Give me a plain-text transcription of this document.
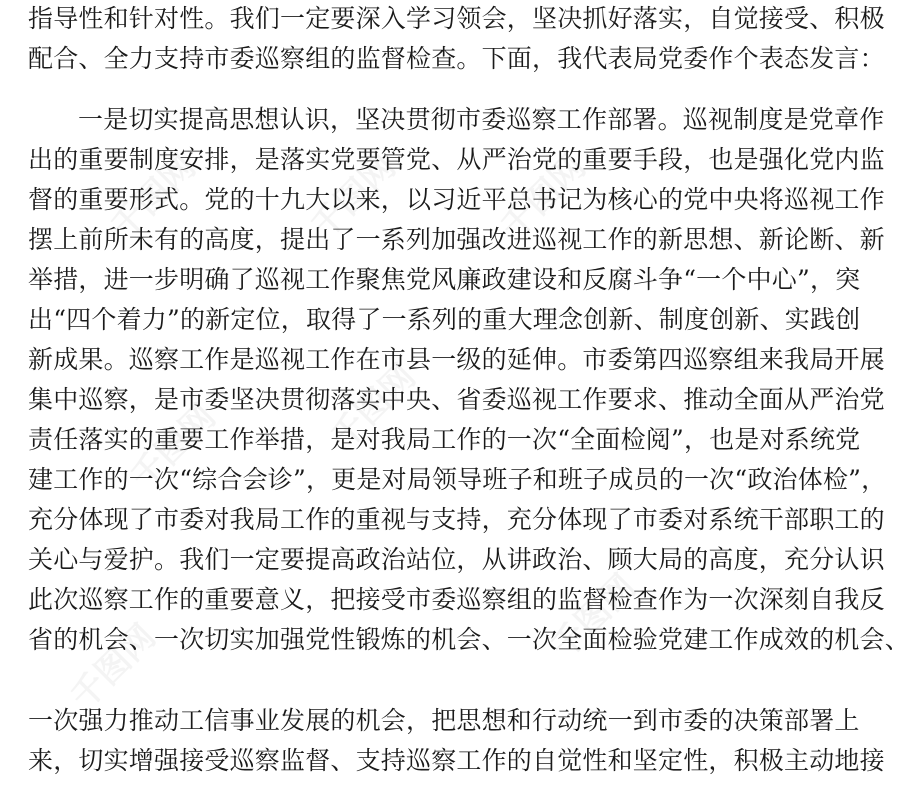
千图网	千图网	千图网
千图网	千图网
千图网
千图网
指导性和针对性。我们一定要深入学习领会，坚决抓好落实，自觉接受、积极
配合、全力支持市委巡察组的监督检查。下面，我代表局党委作个表态发言：
一是切实提高思想认识，坚决贯彻市委巡察工作部署。巡视制度是党章作
出的重要制度安排，是落实党要管党、从严治党的重要手段，也是强化党内监
督的重要形式。党的十九大以来，以习近平总书记为核心的党中央将巡视工作
摆上前所未有的高度，提出了一系列加强改进巡视工作的新思想、新论断、新
举措，进一步明确了巡视工作聚焦党风廉政建设和反腐斗争“一个中心”，突
出“四个着力”的新定位，取得了一系列的重大理念创新、制度创新、实践创
新成果。巡察工作是巡视工作在市县一级的延伸。市委第四巡察组来我局开展
集中巡察，是市委坚决贯彻落实中央、省委巡视工作要求、推动全面从严治党
责任落实的重要工作举措，是对我局工作的一次“全面检阅”，也是对系统党
建工作的一次“综合会诊”，更是对局领导班子和班子成员的一次“政治体检”，
充分体现了市委对我局工作的重视与支持，充分体现了市委对系统干部职工的
关心与爱护。我们一定要提高政治站位，从讲政治、顾大局的高度，充分认识
此次巡察工作的重要意义，把接受市委巡察组的监督检查作为一次深刻自我反
省的机会、一次切实加强党性锻炼的机会、一次全面检验党建工作成效的机会、
一次强力推动工信事业发展的机会，把思想和行动统一到市委的决策部署上
来，切实增强接受巡察监督、支持巡察工作的自觉性和坚定性，积极主动地接
